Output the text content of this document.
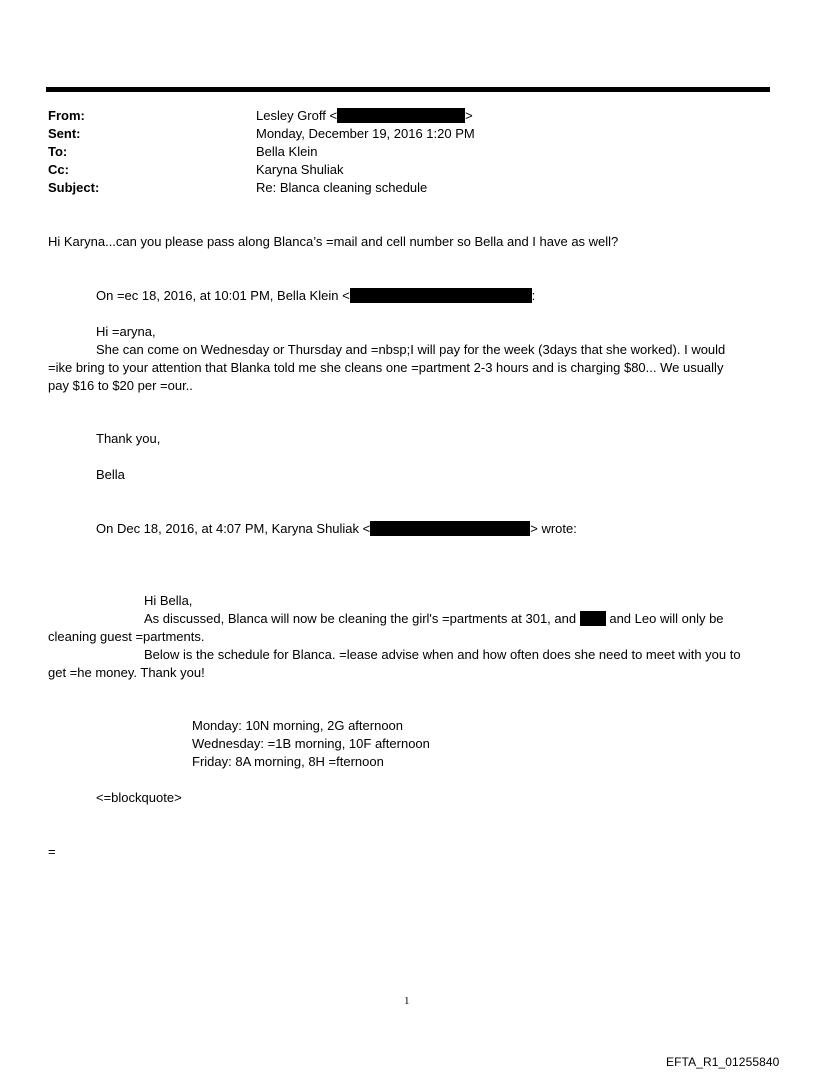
From:	Lesley Groff <	>
Sent:	Monday, December 19, 2016 1:20 PM
To:	Bella Klein
Cc:	Karyna Shuliak
Subject:	Re: Blanca cleaning schedule
Hi Karyna...can you please pass along Blanca’s =mail and cell number so Bella and I have as well?
On =ec 18, 2016, at 10:01 PM, Bella Klein <	:
Hi =aryna,
She can come on Wednesday or Thursday and =nbsp;I will pay for the week (3days that she worked). I would
=ike bring to your attention that Blanka told me she cleans one =partment 2-3 hours and is charging $80... We usually
pay $16 to $20 per =our..
Thank you,
Bella
On Dec 18, 2016, at 4:07 PM, Karyna Shuliak <	> wrote:
Hi Bella,
As discussed, Blanca will now be cleaning the girl's =partments at 301, and	and Leo will only be
cleaning guest =partments.
Below is the schedule for Blanca. =lease advise when and how often does she need to meet with you to
get =he money. Thank you!
Monday: 10N morning, 2G afternoon
Wednesday: =1B morning, 10F afternoon
Friday: 8A morning, 8H =fternoon
<=blockquote>
=
1
EFTA_R1_01255840
